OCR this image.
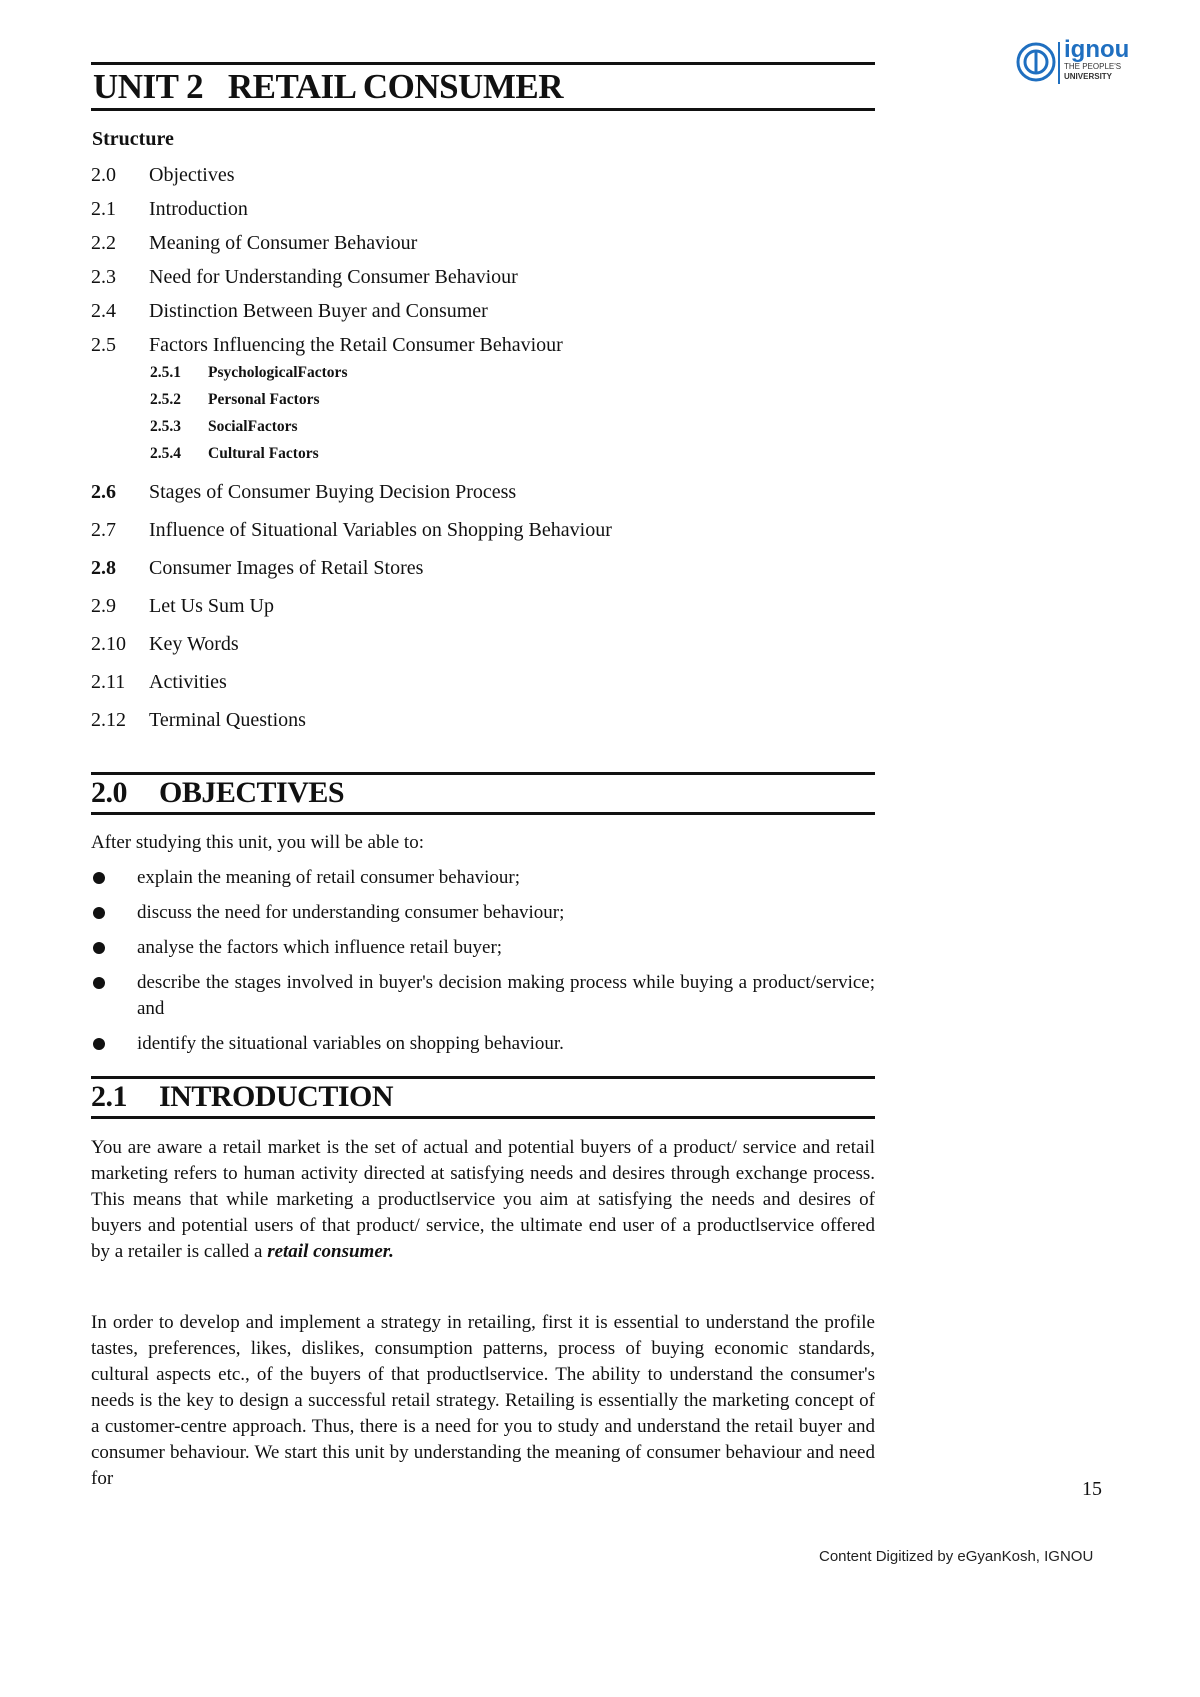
UNIT 2   RETAIL CONSUMER
ignou
THE PEOPLE'S
UNIVERSITY
Structure
2.0	Objectives
2.1	Introduction
2.2	Meaning of Consumer Behaviour
2.3	Need for Understanding Consumer Behaviour
2.4	Distinction Between Buyer and Consumer
2.5	Factors Influencing the Retail Consumer Behaviour
2.5.1	PsychologicalFactors
2.5.2	Personal Factors
2.5.3	SocialFactors
2.5.4	Cultural Factors
2.6	Stages of Consumer Buying Decision Process
2.7	Influence of Situational Variables on Shopping Behaviour
2.8	Consumer Images of Retail Stores
2.9	Let Us Sum Up
2.10	Key Words
2.11	Activities
2.12	Terminal Questions
2.0 OBJECTIVES
After studying this unit, you will be able to:
explain the meaning of retail consumer behaviour;
discuss the need for understanding consumer behaviour;
analyse the factors which influence retail buyer;
describe the stages involved in buyer's decision making process while buying a product/service; and
identify the situational variables on shopping behaviour.
2.1 INTRODUCTION
You are aware a retail market is the set of actual and potential buyers of a product/ service and retail marketing refers to human activity directed at satisfying needs and desires through exchange process. This means that while marketing a productlservice you aim at satisfying the needs and desires of buyers and potential users of that product/ service, the ultimate end user of a productlservice offered by a retailer is called a retail consumer.
In order to develop and implement a strategy in retailing, first it is essential to understand the profile tastes, preferences, likes, dislikes, consumption patterns, process of buying economic standards, cultural aspects etc., of the buyers of that productlservice. The ability to understand the consumer's needs is the key to design a successful retail strategy. Retailing is essentially the marketing concept of a customer-centre approach. Thus, there is a need for you to study and understand the retail buyer and consumer behaviour. We start this unit by understanding the meaning of consumer behaviour and need for	15
Content Digitized by eGyanKosh, IGNOU
